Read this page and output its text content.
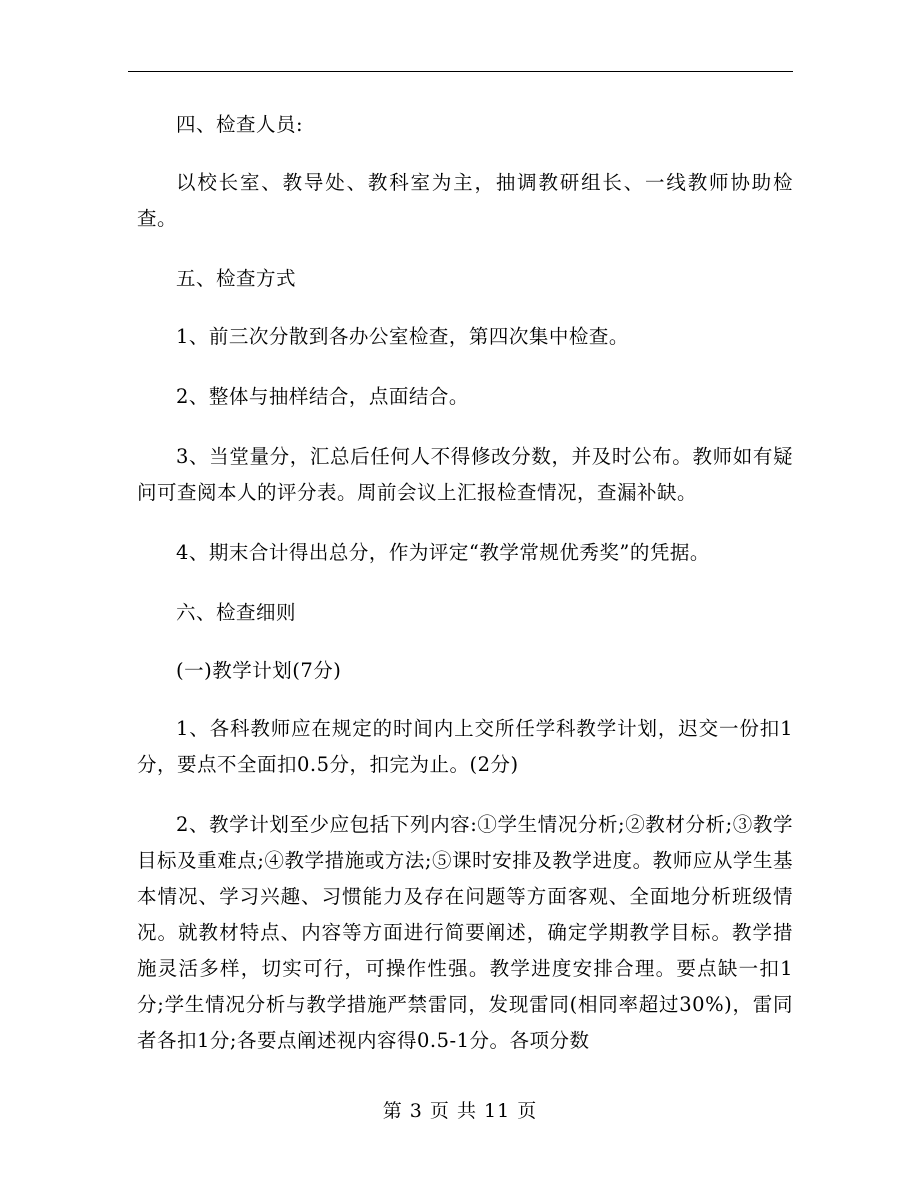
四、检查人员:

以校长室、教导处、教科室为主，抽调教研组长、一线教师协助检查。

五、检查方式

1、前三次分散到各办公室检查，第四次集中检查。

2、整体与抽样结合，点面结合。

3、当堂量分，汇总后任何人不得修改分数，并及时公布。教师如有疑问可查阅本人的评分表。周前会议上汇报检查情况，查漏补缺。

4、期末合计得出总分，作为评定“教学常规优秀奖”的凭据。

六、检查细则

(一)教学计划(7分)

1、各科教师应在规定的时间内上交所任学科教学计划，迟交一份扣1分，要点不全面扣0.5分，扣完为止。(2分)

2、教学计划至少应包括下列内容:①学生情况分析;②教材分析;③教学目标及重难点;④教学措施或方法;⑤课时安排及教学进度。教师应从学生基本情况、学习兴趣、习惯能力及存在问题等方面客观、全面地分析班级情况。就教材特点、内容等方面进行简要阐述，确定学期教学目标。教学措施灵活多样，切实可行，可操作性强。教学进度安排合理。要点缺一扣1分;学生情况分析与教学措施严禁雷同，发现雷同(相同率超过30%)，雷同者各扣1分;各要点阐述视内容得0.5-1分。各项分数

第 3 页 共 11 页
